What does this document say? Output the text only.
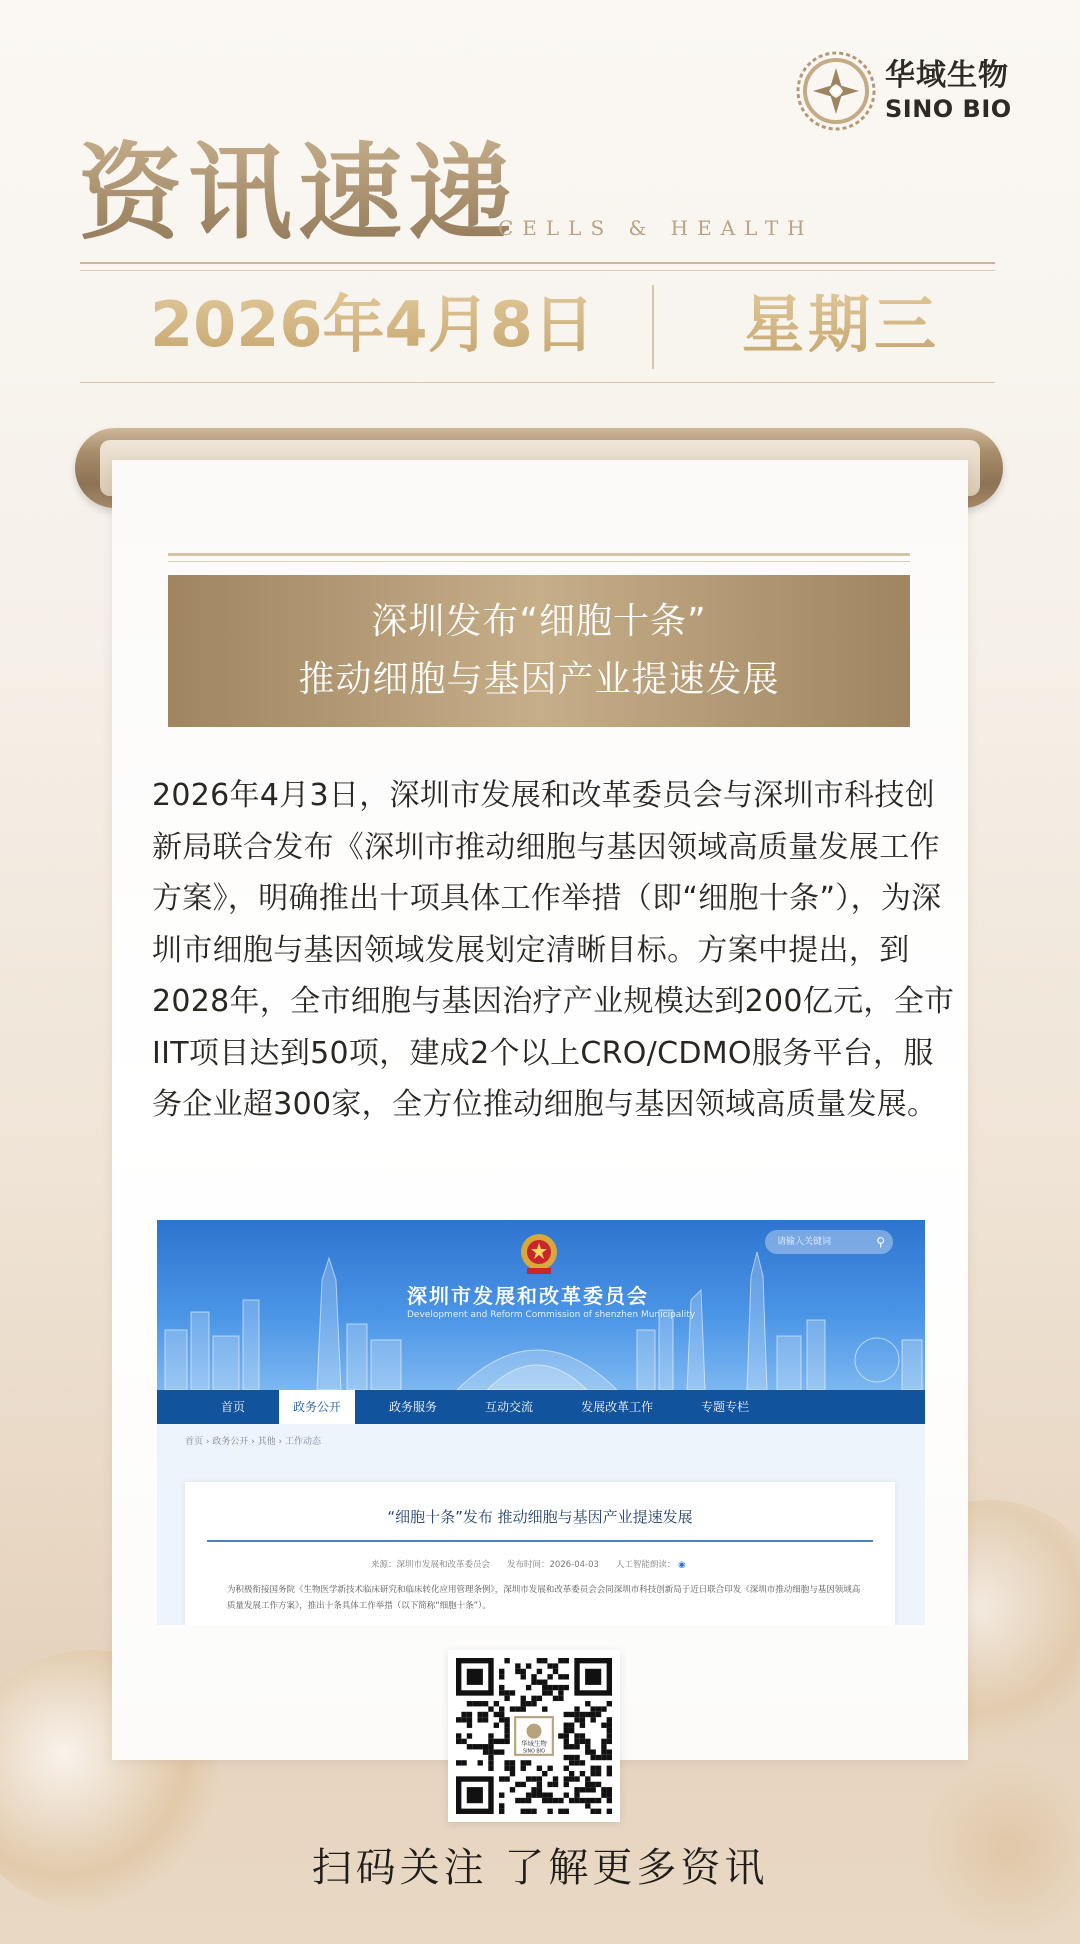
华域生物
SINO BIO
资讯速递
CELLS & HEALTH
2026年4月8日 星期三
深圳发布“细胞十条”
推动细胞与基因产业提速发展

2026年4月3日，深圳市发展和改革委员会与深圳市科技创新局联合发布《深圳市推动细胞与基因领域高质量发展工作方案》，明确推出十项具体工作举措（即“细胞十条”），为深圳市细胞与基因领域发展划定清晰目标。方案中提出，到2028年，全市细胞与基因治疗产业规模达到200亿元，全市IIT项目达到50项，建成2个以上CRO/CDMO服务平台，服务企业超300家，全方位推动细胞与基因领域高质量发展。

深圳市发展和改革委员会
Development and Reform Commission of shenzhen Municipality
请输入关键词	⚲
首页	政务公开	政务服务	互动交流	发展改革工作	专题专栏
首页 › 政务公开 › 其他 › 工作动态
“细胞十条”发布 推动细胞与基因产业提速发展
来源：深圳市发展和改革委员会　　发布时间：2026-04-03　　人工智能朗读： ◉
为积极衔接国务院《生物医学新技术临床研究和临床转化应用管理条例》，深圳市发展和改革委员会会同深圳市科技创新局于近日联合印发《深圳市推动细胞与基因领域高质量发展工作方案》，推出十条具体工作举措（以下简称“细胞十条”）。
华域生物
扫码关注 了解更多资讯
